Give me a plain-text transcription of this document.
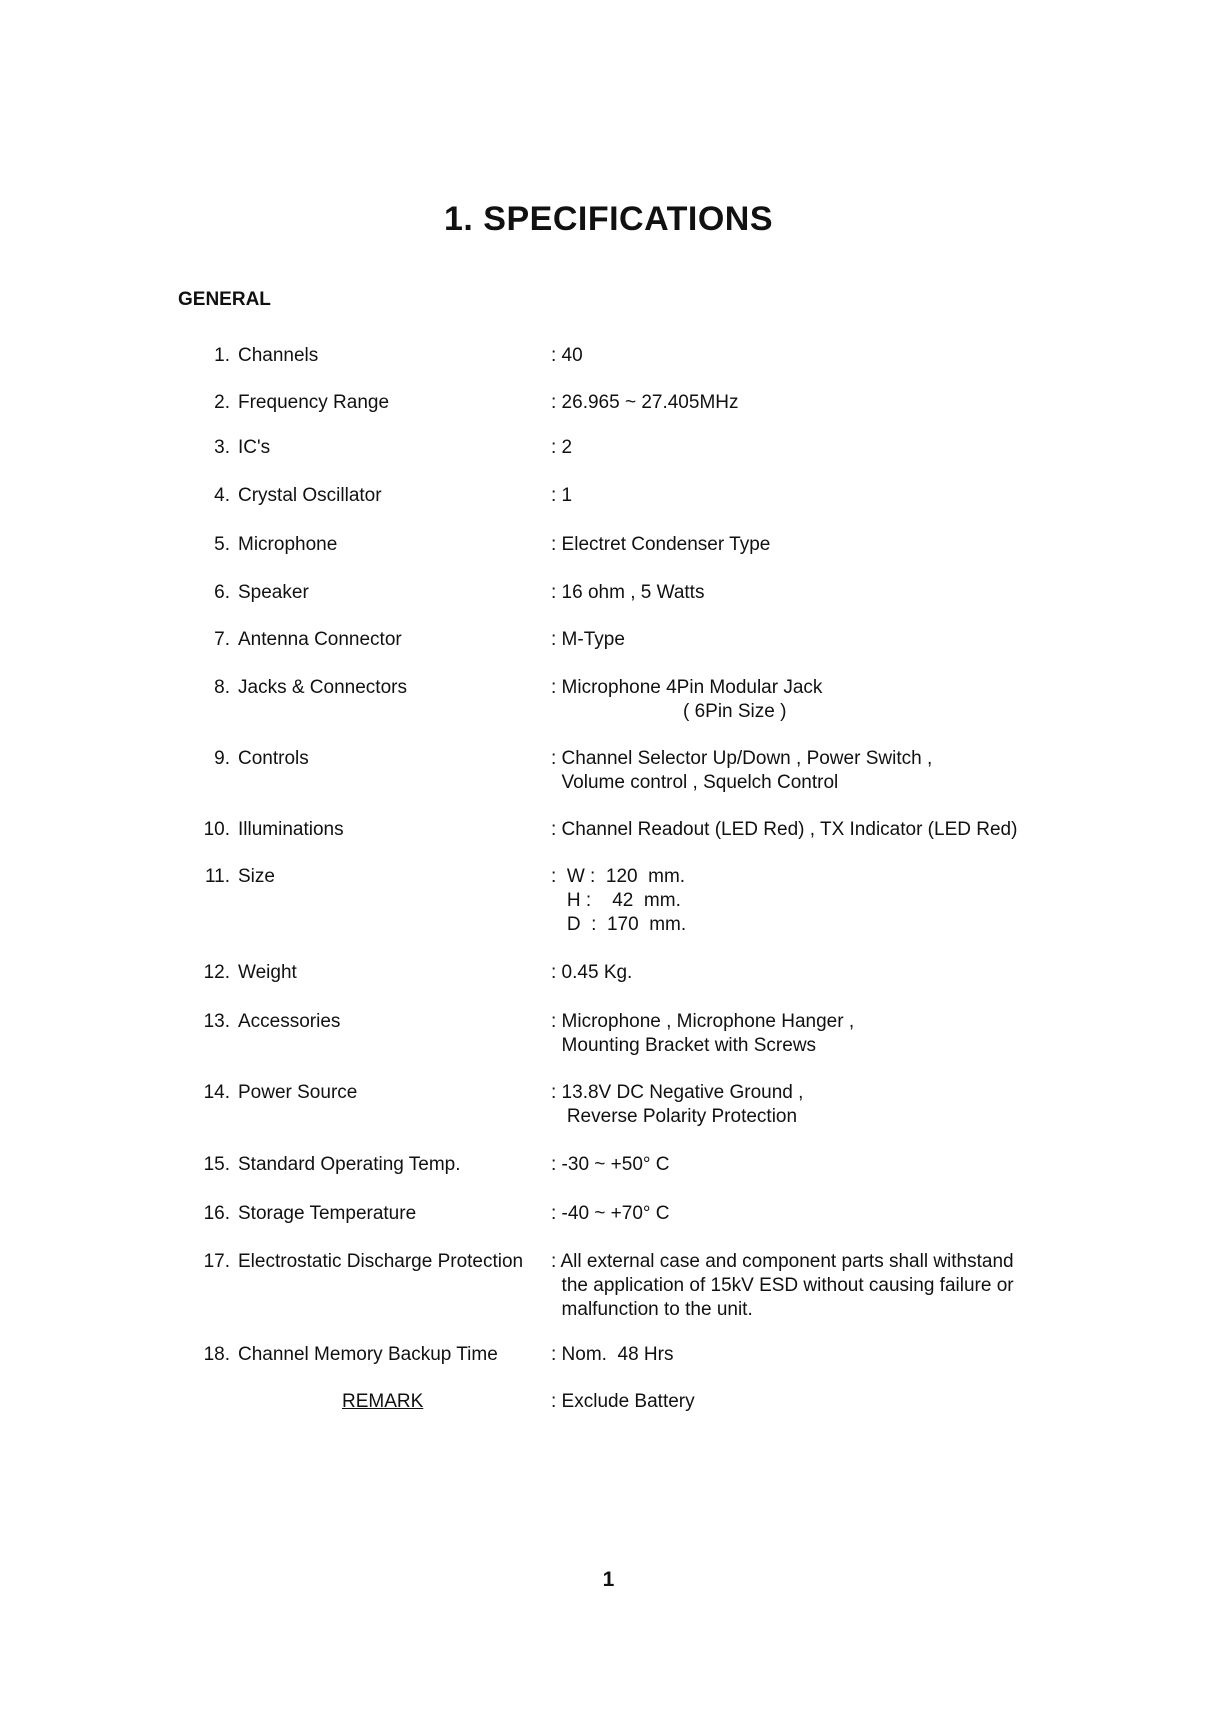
1. SPECIFICATIONS
GENERAL
1. Channels	: 40
2. Frequency Range	: 26.965 ~ 27.405MHz
3. IC's	: 2
4. Crystal Oscillator	: 1
5. Microphone	: Electret Condenser Type
6. Speaker	: 16 ohm , 5 Watts
7. Antenna Connector	: M-Type
8. Jacks & Connectors	: Microphone 4Pin Modular Jack
( 6Pin Size )
9. Controls	: Channel Selector Up/Down , Power Switch ,
Volume control , Squelch Control
10. Illuminations	: Channel Readout (LED Red) , TX Indicator (LED Red)
11. Size	:  W :  120  mm.
H :    42  mm.
D  :  170  mm.
12. Weight	: 0.45 Kg.
13. Accessories	: Microphone , Microphone Hanger ,
Mounting Bracket with Screws
14. Power Source	: 13.8V DC Negative Ground ,
Reverse Polarity Protection
15. Standard Operating Temp.	: -30 ~ +50° C
16. Storage Temperature	: -40 ~ +70° C
17. Electrostatic Discharge Protection : All external case and component parts shall withstand
the application of 15kV ESD without causing failure or
malfunction to the unit.
18. Channel Memory Backup Time	: Nom.  48 Hrs
REMARK	: Exclude Battery
1
